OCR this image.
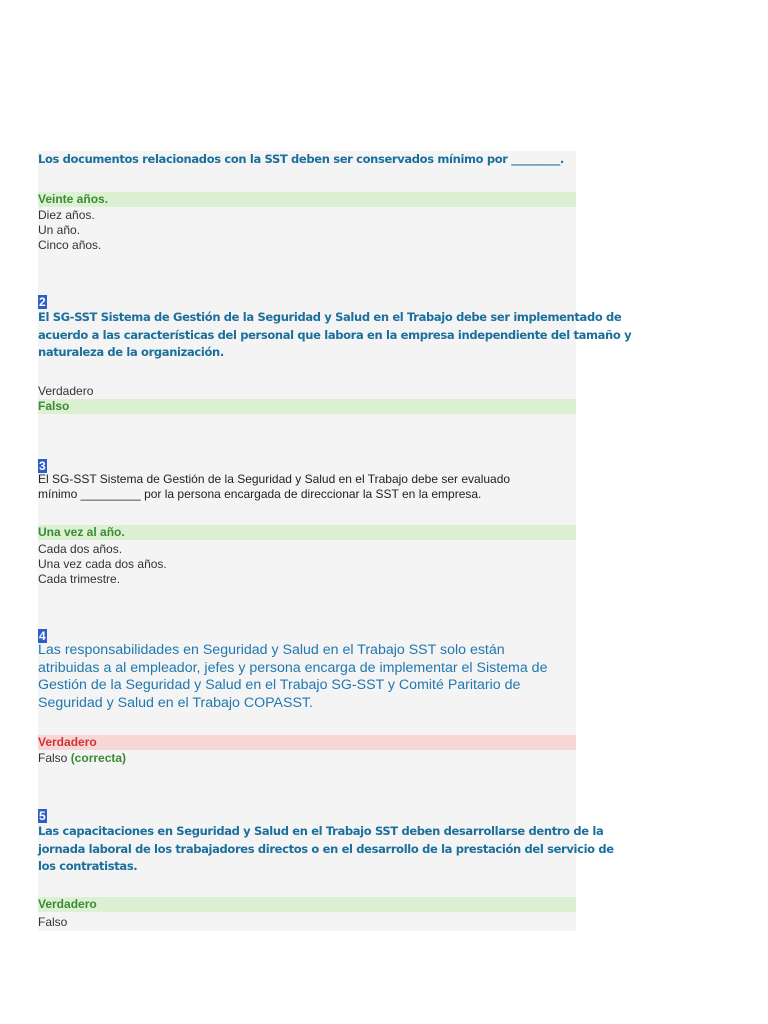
Los documentos relacionados con la SST deben ser conservados mínimo por _________.
Veinte años.
Diez años.
Un año.
Cinco años.
2
El SG-SST Sistema de Gestión de la Seguridad y Salud en el Trabajo debe ser implementado de
acuerdo a las características del personal que labora en la empresa independiente del tamaño y
naturaleza de la organización.
Verdadero
Falso
3
El SG-SST Sistema de Gestión de la Seguridad y Salud en el Trabajo debe ser evaluado
mínimo _________ por la persona encargada de direccionar la SST en la empresa.
Una vez al año.
Cada dos años.
Una vez cada dos años.
Cada trimestre.
4
Las responsabilidades en Seguridad y Salud en el Trabajo SST solo están
atribuidas a al empleador, jefes y persona encarga de implementar el Sistema de
Gestión de la Seguridad y Salud en el Trabajo SG-SST y Comité Paritario de
Seguridad y Salud en el Trabajo COPASST.
Verdadero
Falso (correcta)
5
Las capacitaciones en Seguridad y Salud en el Trabajo SST deben desarrollarse dentro de la
jornada laboral de los trabajadores directos o en el desarrollo de la prestación del servicio de
los contratistas.
Verdadero
Falso
